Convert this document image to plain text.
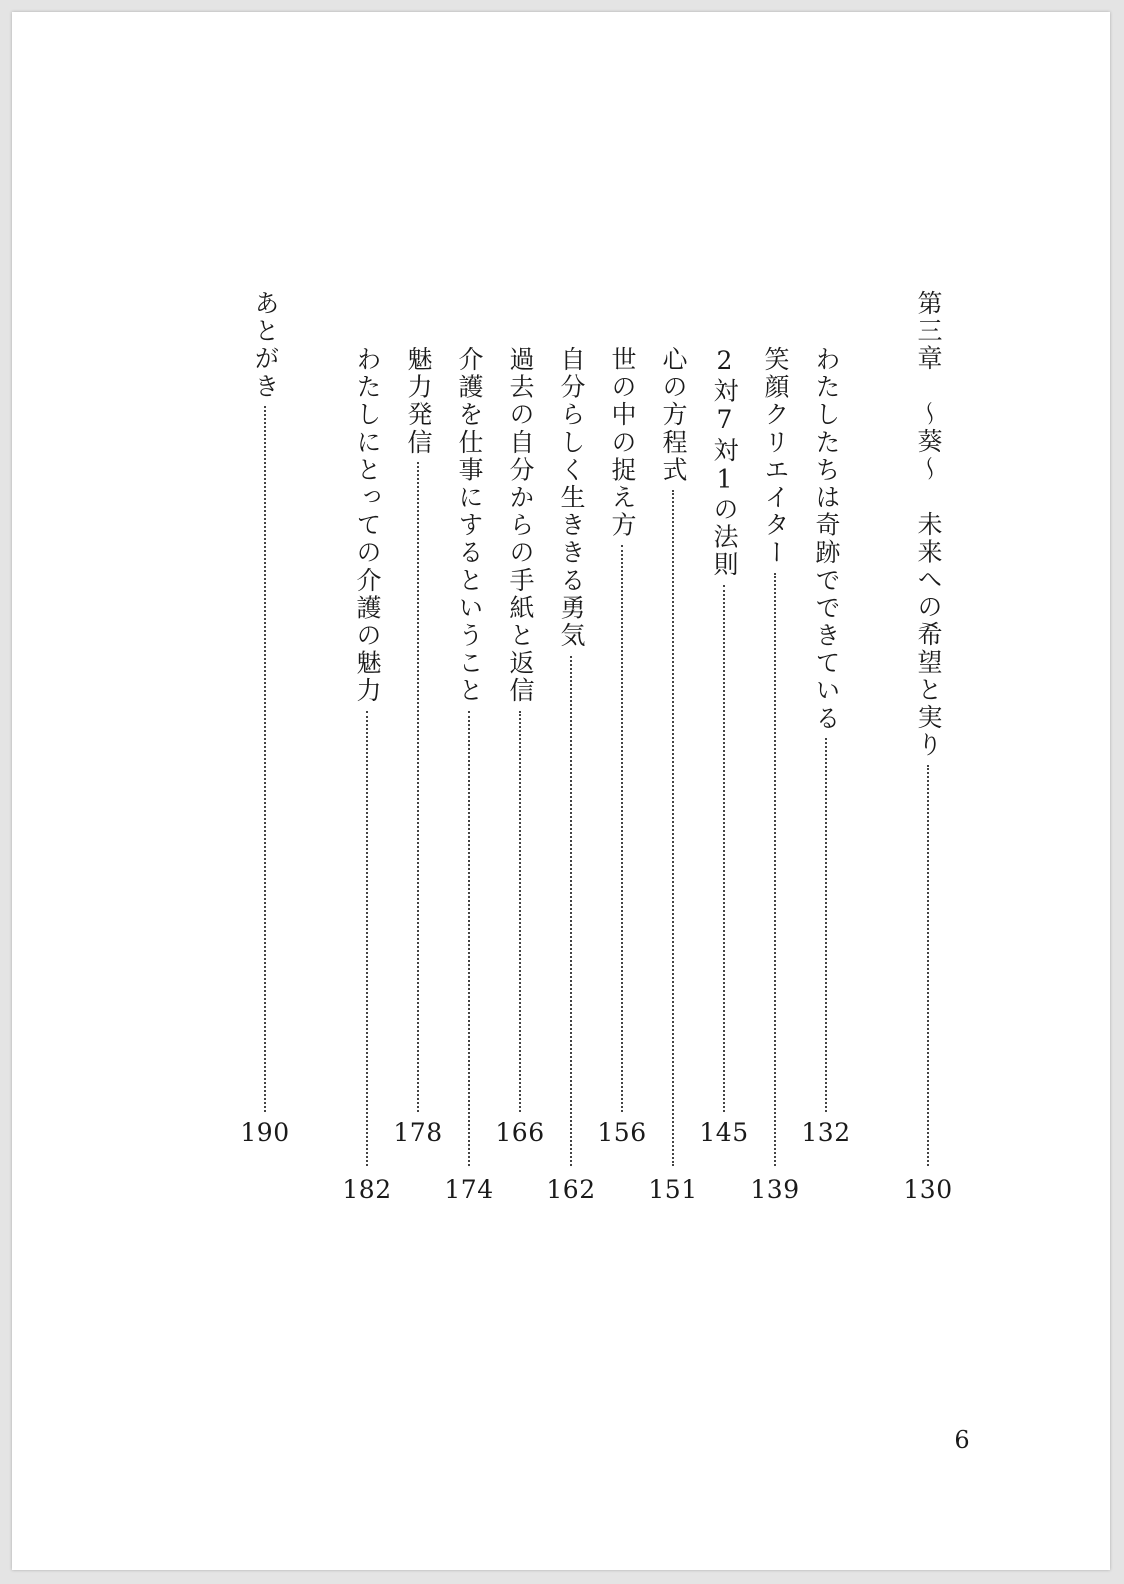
第三章　～葵～　未来への希望と実り
130
わたしたちは奇跡でできている
132
笑顔クリエイター
139
2対7対1の法則
145
心の方程式
151
世の中の捉え方
156
自分らしく生ききる勇気
162
過去の自分からの手紙と返信
166
介護を仕事にするということ
174
魅力発信
178
わたしにとっての介護の魅力
182
あとがき
190
6
